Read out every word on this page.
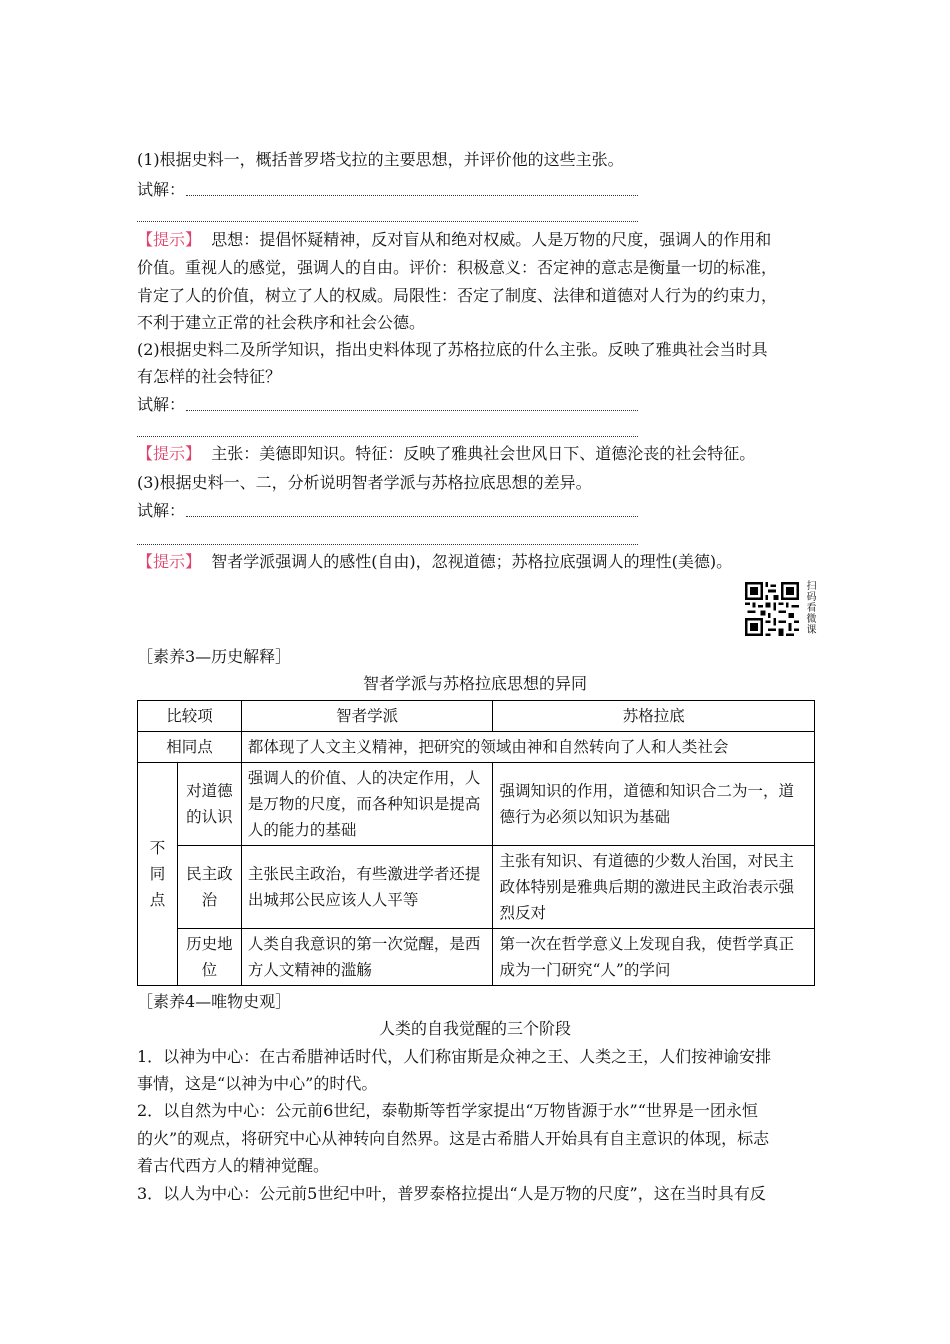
(1)根据史料一，概括普罗塔戈拉的主要思想，并评价他的这些主张。
试解：
【提示】 思想：提倡怀疑精神，反对盲从和绝对权威。人是万物的尺度，强调人的作用和
价值。重视人的感觉，强调人的自由。评价：积极意义：否定神的意志是衡量一切的标准，
肯定了人的价值，树立了人的权威。局限性：否定了制度、法律和道德对人行为的约束力，
不利于建立正常的社会秩序和社会公德。
(2)根据史料二及所学知识，指出史料体现了苏格拉底的什么主张。反映了雅典社会当时具
有怎样的社会特征？
试解：
【提示】 主张：美德即知识。特征：反映了雅典社会世风日下、道德沦丧的社会特征。
(3)根据史料一、二，分析说明智者学派与苏格拉底思想的差异。
试解：
【提示】 智者学派强调人的感性(自由)，忽视道德；苏格拉底强调人的理性(美德)。
扫码看微课
［素养3—历史解释］
智者学派与苏格拉底思想的异同
比较项		智者学派	苏格拉底
相同点		都体现了人文主义精神，把研究的领域由神和自然转向了人和人类社会	
不同点	对道德的认识	强调人的价值、人的决定作用，人是万物的尺度，而各种知识是提高人的能力的基础	强调知识的作用，道德和知识合二为一，道德行为必须以知识为基础
	民主政治	主张民主政治，有些激进学者还提出城邦公民应该人人平等	主张有知识、有道德的少数人治国，对民主政体特别是雅典后期的激进民主政治表示强烈反对
	历史地位	人类自我意识的第一次觉醒，是西方人文精神的滥觞	第一次在哲学意义上发现自我，使哲学真正成为一门研究“人”的学问
［素养4—唯物史观］
人类的自我觉醒的三个阶段
1．以神为中心：在古希腊神话时代，人们称宙斯是众神之王、人类之王，人们按神谕安排
事情，这是“以神为中心”的时代。
2．以自然为中心：公元前6世纪，泰勒斯等哲学家提出“万物皆源于水”“世界是一团永恒
的火”的观点，将研究中心从神转向自然界。这是古希腊人开始具有自主意识的体现，标志
着古代西方人的精神觉醒。
3．以人为中心：公元前5世纪中叶，普罗泰格拉提出“人是万物的尺度”，这在当时具有反
